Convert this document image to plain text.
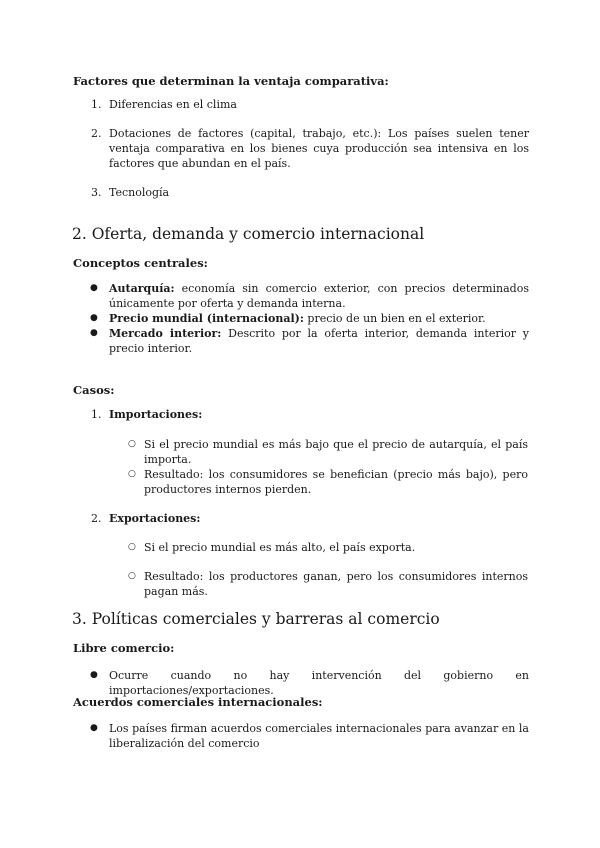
Factores que determinan la ventaja comparativa:

1. Diferencias en el clima

2. Dotaciones de factores (capital, trabajo, etc.): Los países suelen tener ventaja comparativa en los bienes cuya producción sea intensiva en los factores que abundan en el país.

3. Tecnología

2. Oferta, demanda y comercio internacional

Conceptos centrales:

● Autarquía: economía sin comercio exterior, con precios determinados únicamente por oferta y demanda interna.

● Precio mundial (internacional): precio de un bien en el exterior.

● Mercado interior: Descrito por la oferta interior, demanda interior y precio interior.

Casos:

1. Importaciones:
○ Si el precio mundial es más bajo que el precio de autarquía, el país importa.

○ Resultado: los consumidores se benefician (precio más bajo), pero productores internos pierden.

2. Exportaciones:
○ Si el precio mundial es más alto, el país exporta.

○ Resultado: los productores ganan, pero los consumidores internos pagan más.

3. Políticas comerciales y barreras al comercio

Libre comercio:

● Ocurre cuando no hay intervención del gobierno en importaciones/exportaciones.

Acuerdos comerciales internacionales:

● Los países firman acuerdos comerciales internacionales para avanzar en la liberalización del comercio
